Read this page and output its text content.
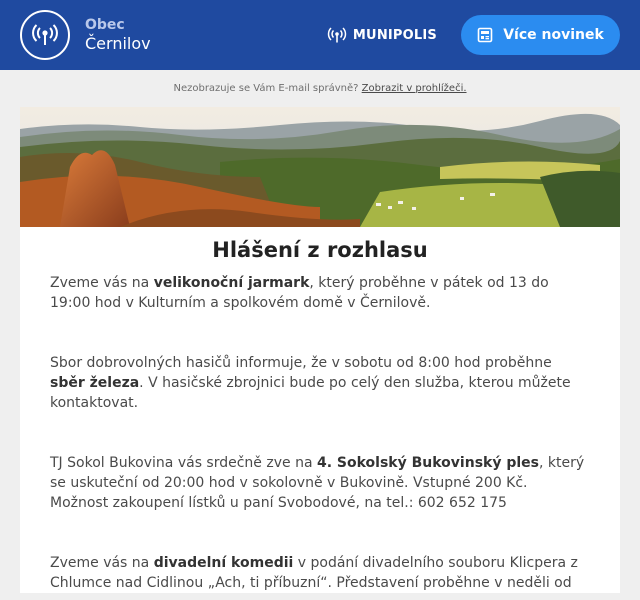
Obec
Černilov	MUNIPOLIS	Více novinek
Nezobrazuje se Vám E-mail správně? Zobrazit v prohlížeči.
Hlášení z rozhlasu

Zveme vás na velikonoční jarmark, který proběhne v pátek od 13 do 19:00 hod v Kulturním a spolkovém domě v Černilově.

Sbor dobrovolných hasičů informuje, že v sobotu od 8:00 hod proběhne sběr železa. V hasičské zbrojnici bude po celý den služba, kterou můžete kontaktovat.

TJ Sokol Bukovina vás srdečně zve na 4. Sokolský Bukovinský ples, který se uskuteční od 20:00 hod v sokolovně v Bukovině. Vstupné 200 Kč. Možnost zakoupení lístků u paní Svobodové, na tel.: 602 652 175

Zveme vás na divadelní komedii v podání divadelního souboru Klicpera z Chlumce nad Cidlinou „Ach, ti příbuzní“. Představení proběhne v neděli od
